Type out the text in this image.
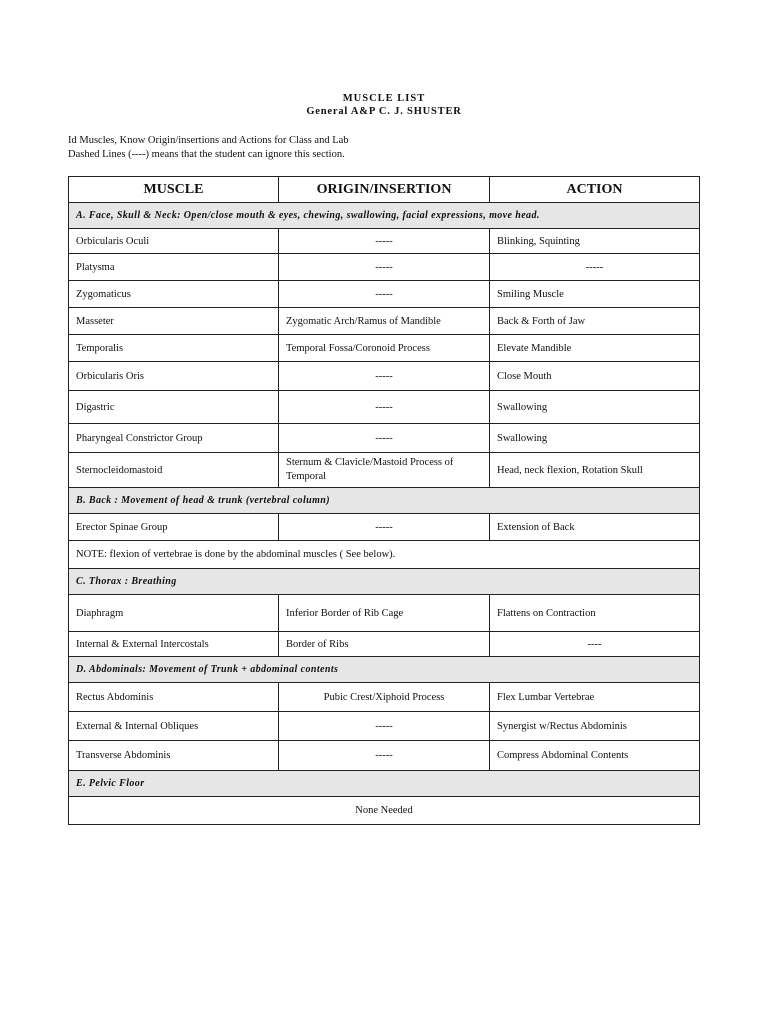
MUSCLE LIST
General A&P C. J. SHUSTER
Id Muscles, Know Origin/insertions and Actions for Class and Lab
Dashed Lines (----) means that the student can ignore this section.
MUSCLE	ORIGIN/INSERTION	ACTION
A. Face, Skull & Neck: Open/close mouth & eyes, chewing, swallowing, facial expressions, move head.		
Orbicularis Oculi	-----	Blinking, Squinting
Platysma	-----	-----
Zygomaticus	-----	Smiling Muscle
Masseter	Zygomatic Arch/Ramus of Mandible	Back & Forth of Jaw
Temporalis	Temporal Fossa/Coronoid Process	Elevate Mandible
Orbicularis Oris	-----	Close Mouth
Digastric	-----	Swallowing
Pharyngeal Constrictor Group	-----	Swallowing
Sternocleidomastoid	Sternum & Clavicle/Mastoid Process of Temporal	Head, neck flexion, Rotation Skull
B. Back : Movement of head & trunk (vertebral column)		
Erector Spinae Group	-----	Extension of Back
NOTE: flexion of vertebrae is done by the abdominal muscles ( See below).		
C. Thorax : Breathing		
Diaphragm	Inferior Border of Rib Cage	Flattens on Contraction
Internal & External Intercostals	Border of Ribs	----
D. Abdominals: Movement of Trunk + abdominal contents		
Rectus Abdominis	Pubic Crest/Xiphoid Process	Flex Lumbar Vertebrae
External & Internal Obliques	-----	Synergist w/Rectus Abdominis
Transverse Abdominis	-----	Compress Abdominal Contents
E. Pelvic Floor		
None Needed		
